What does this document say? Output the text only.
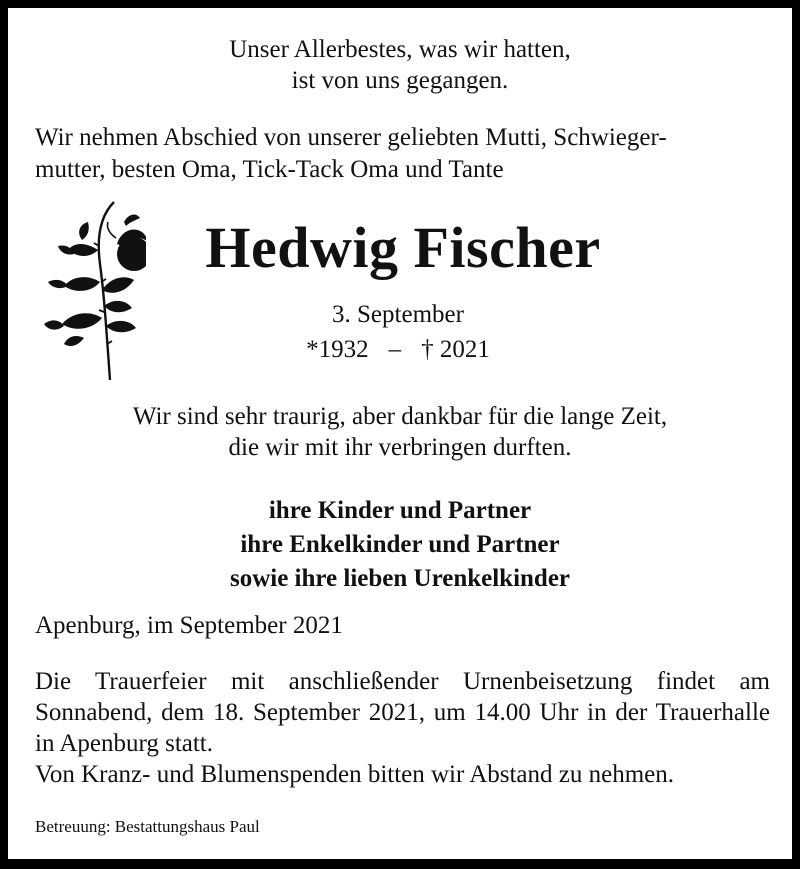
Unser Allerbestes, was wir hatten,
ist von uns gegangen.
Wir nehmen Abschied von unserer geliebten Mutti, Schwieger-
mutter, besten Oma, Tick-Tack Oma und Tante
Hedwig Fischer
3. September
*1932 – † 2021
Wir sind sehr traurig, aber dankbar für die lange Zeit,
die wir mit ihr verbringen durften.
ihre Kinder und Partner
ihre Enkelkinder und Partner
sowie ihre lieben Urenkelkinder
Apenburg, im September 2021

Die Trauerfeier mit anschließender Urnenbeisetzung findet am Sonnabend, dem 18. September 2021, um 14.00 Uhr in der Trauerhalle in Apenburg statt.

Von Kranz- und Blumenspenden bitten wir Abstand zu nehmen.

Betreuung: Bestattungshaus Paul
